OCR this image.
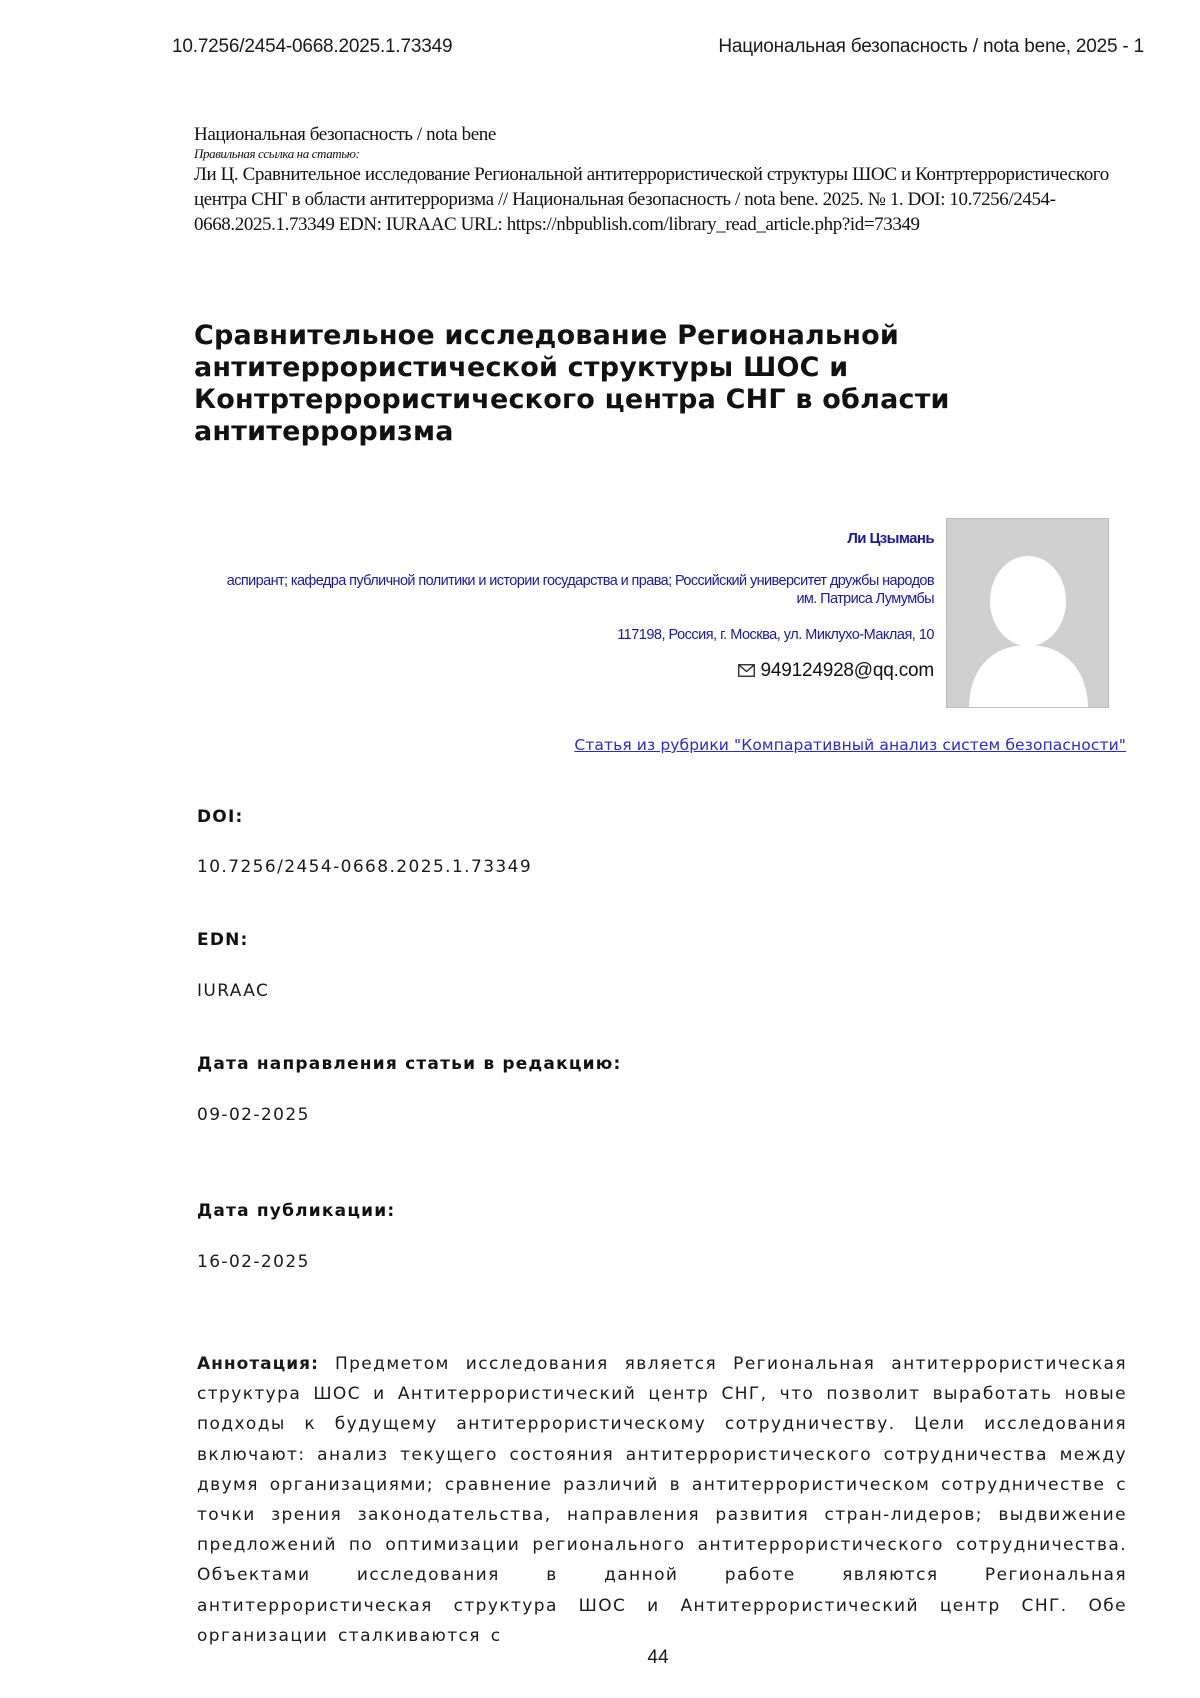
10.7256/2454-0668.2025.1.73349	Национальная безопасность / nota bene, 2025 - 1
Национальная безопасность / nota bene
Правильная ссылка на статью:
Ли Ц. Сравнительное исследование Региональной антитеррористической структуры ШОС и Контртеррористического центра СНГ в области антитерроризма // Национальная безопасность / nota bene. 2025. № 1. DOI: 10.7256/2454-0668.2025.1.73349 EDN: IURAAC URL: https://nbpublish.com/library_read_article.php?id=73349
Сравнительное исследование Региональной антитеррористической структуры ШОС и Контртеррористического центра СНГ в области антитерроризма
Ли Цзымань
аспирант; кафедра публичной политики и истории государства и права; Российский университет дружбы народов им. Патриса Лумумбы
117198, Россия, г. Москва, ул. Миклухо-Маклая, 10
949124928@qq.com
Статья из рубрики "Компаративный анализ систем безопасности"
DOI:
10.7256/2454-0668.2025.1.73349
EDN:
IURAAC
Дата направления статьи в редакцию:
09-02-2025
Дата публикации:
16-02-2025
Аннотация: Предметом исследования является Региональная антитеррористическая структура ШОС и Антитеррористический центр СНГ, что позволит выработать новые подходы к будущему антитеррористическому сотрудничеству. Цели исследования включают: анализ текущего состояния антитеррористического сотрудничества между двумя организациями; сравнение различий в антитеррористическом сотрудничестве с точки зрения законодательства, направления развития стран-лидеров; выдвижение предложений по оптимизации регионального антитеррористического сотрудничества. Объектами исследования в данной работе являются Региональная антитеррористическая структура ШОС и Антитеррористический центр СНГ. Обе организации сталкиваются с
44
